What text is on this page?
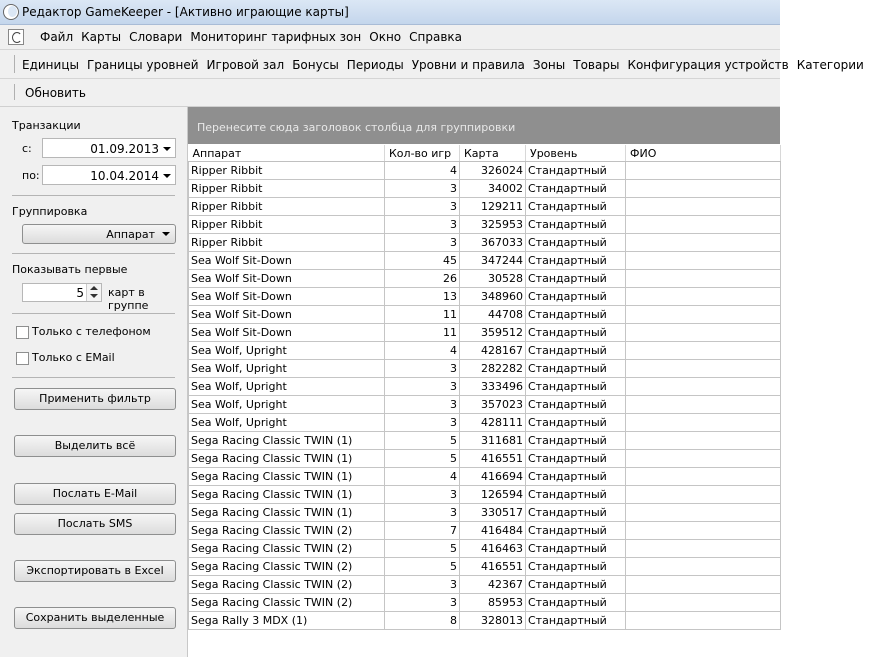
Редактор GameKeeper - [Активно играющие карты]
Файл Карты Словари Мониторинг тарифных зон Окно Справка
Единицы Границы уровней Игровой зал Бонусы Периоды Уровни и правила Зоны Товары Конфигурация устройств Категории
Обновить
Транзакции
с:	01.09.2013
по:	10.04.2014
Группировка
Аппарат
Показывать первые
5 карт в группе
Только с телефоном
Только с EMail
Применить фильтр
Выделить всё
Послать E-Mail
Послать SMS
Экспортировать в Excel
Сохранить выделенные
Перенесите сюда заголовок столбца для группировки
Аппарат	Кол-во игр	Карта	Уровень	ФИО
Ripper Ribbit	4	326024	Стандартный	
Ripper Ribbit	3	34002	Стандартный	
Ripper Ribbit	3	129211	Стандартный	
Ripper Ribbit	3	325953	Стандартный	
Ripper Ribbit	3	367033	Стандартный	
Sea Wolf Sit-Down	45	347244	Стандартный	
Sea Wolf Sit-Down	26	30528	Стандартный	
Sea Wolf Sit-Down	13	348960	Стандартный	
Sea Wolf Sit-Down	11	44708	Стандартный	
Sea Wolf Sit-Down	11	359512	Стандартный	
Sea Wolf, Upright	4	428167	Стандартный	
Sea Wolf, Upright	3	282282	Стандартный	
Sea Wolf, Upright	3	333496	Стандартный	
Sea Wolf, Upright	3	357023	Стандартный	
Sea Wolf, Upright	3	428111	Стандартный	
Sega Racing Classic TWIN (1)	5	311681	Стандартный	
Sega Racing Classic TWIN (1)	5	416551	Стандартный	
Sega Racing Classic TWIN (1)	4	416694	Стандартный	
Sega Racing Classic TWIN (1)	3	126594	Стандартный	
Sega Racing Classic TWIN (1)	3	330517	Стандартный	
Sega Racing Classic TWIN (2)	7	416484	Стандартный	
Sega Racing Classic TWIN (2)	5	416463	Стандартный	
Sega Racing Classic TWIN (2)	5	416551	Стандартный	
Sega Racing Classic TWIN (2)	3	42367	Стандартный	
Sega Racing Classic TWIN (2)	3	85953	Стандартный	
Sega Rally 3 MDX (1)	8	328013	Стандартный	
